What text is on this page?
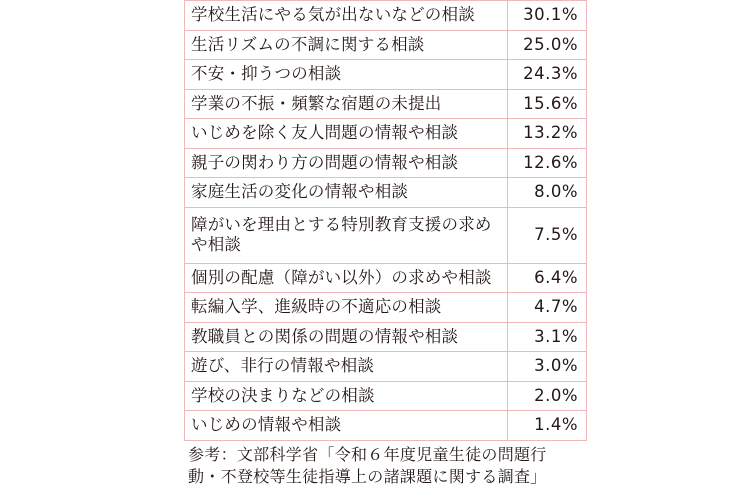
学校生活にやる気が出ないなどの相談	30.1%
生活リズムの不調に関する相談	25.0%
不安・抑うつの相談	24.3%
学業の不振・頻繁な宿題の未提出	15.6%
いじめを除く友人問題の情報や相談	13.2%
親子の関わり方の問題の情報や相談	12.6%
家庭生活の変化の情報や相談	8.0%
障がいを理由とする特別教育支援の求めや相談	7.5%
個別の配慮（障がい以外）の求めや相談	6.4%
転編入学、進級時の不適応の相談	4.7%
教職員との関係の問題の情報や相談	3.1%
遊び、非行の情報や相談	3.0%
学校の決まりなどの相談	2.0%
いじめの情報や相談	1.4%

参考：文部科学省「令和６年度児童生徒の問題行動・不登校等生徒指導上の諸課題に関する調査」
